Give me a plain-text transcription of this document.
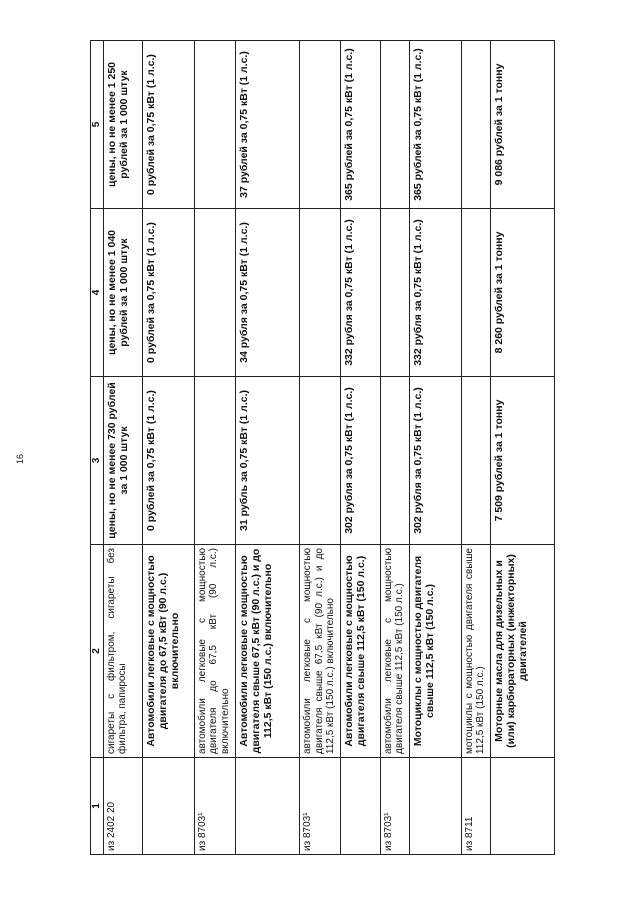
16
1	2	3	4	5
из 2402 20	сигареты с фильтром, сигареты без фильтра, папиросы	цены, но не менее 730 рублей за 1 000 штук	цены, но не менее 1 040 рублей за 1 000 штук	цены, но не менее 1 250 рублей за 1 000 штук
	Автомобили легковые с мощностью двигателя до 67,5 кВт (90 л.с.) включительно	0 рублей за 0,75 кВт (1 л.с.)	0 рублей за 0,75 кВт (1 л.с.)	0 рублей за 0,75 кВт (1 л.с.)
из 8703¹	автомобили легковые с мощностью двигателя до 67,5 кВт (90 л.с.) включительно			
	Автомобили легковые с мощностью двигателя свыше 67,5 кВт (90 л.с.) и до 112,5 кВт (150 л.с.) включительно	31 рубль за 0,75 кВт (1 л.с.)	34 рубля за 0,75 кВт (1 л.с.)	37 рублей за 0,75 кВт (1 л.с.)
из 8703¹	автомобили легковые с мощностью двигателя свыше 67,5 кВт (90 л.с.) и до 112,5 кВт (150 л.с.) включительно			
	Автомобили легковые с мощностью двигателя свыше 112,5 кВт (150 л.с.)	302 рубля за 0,75 кВт (1 л.с.)	332 рубля за 0,75 кВт (1 л.с.)	365 рублей за 0,75 кВт (1 л.с.)
из 8703¹	автомобили легковые с мощностью двигателя свыше 112,5 кВт (150 л.с.)			
	Мотоциклы с мощностью двигателя свыше 112,5 кВт (150 л.с.)	302 рубля за 0,75 кВт (1 л.с.)	332 рубля за 0,75 кВт (1 л.с.)	365 рублей за 0,75 кВт (1 л.с.)
из 8711	мотоциклы с мощностью двигателя свыше 112,5 кВт (150 л.с.)			
	Моторные масла для дизельных и (или) карбюраторных (инжекторных) двигателей	7 509 рублей за 1 тонну	8 260 рублей за 1 тонну	9 086 рублей за 1 тонну
